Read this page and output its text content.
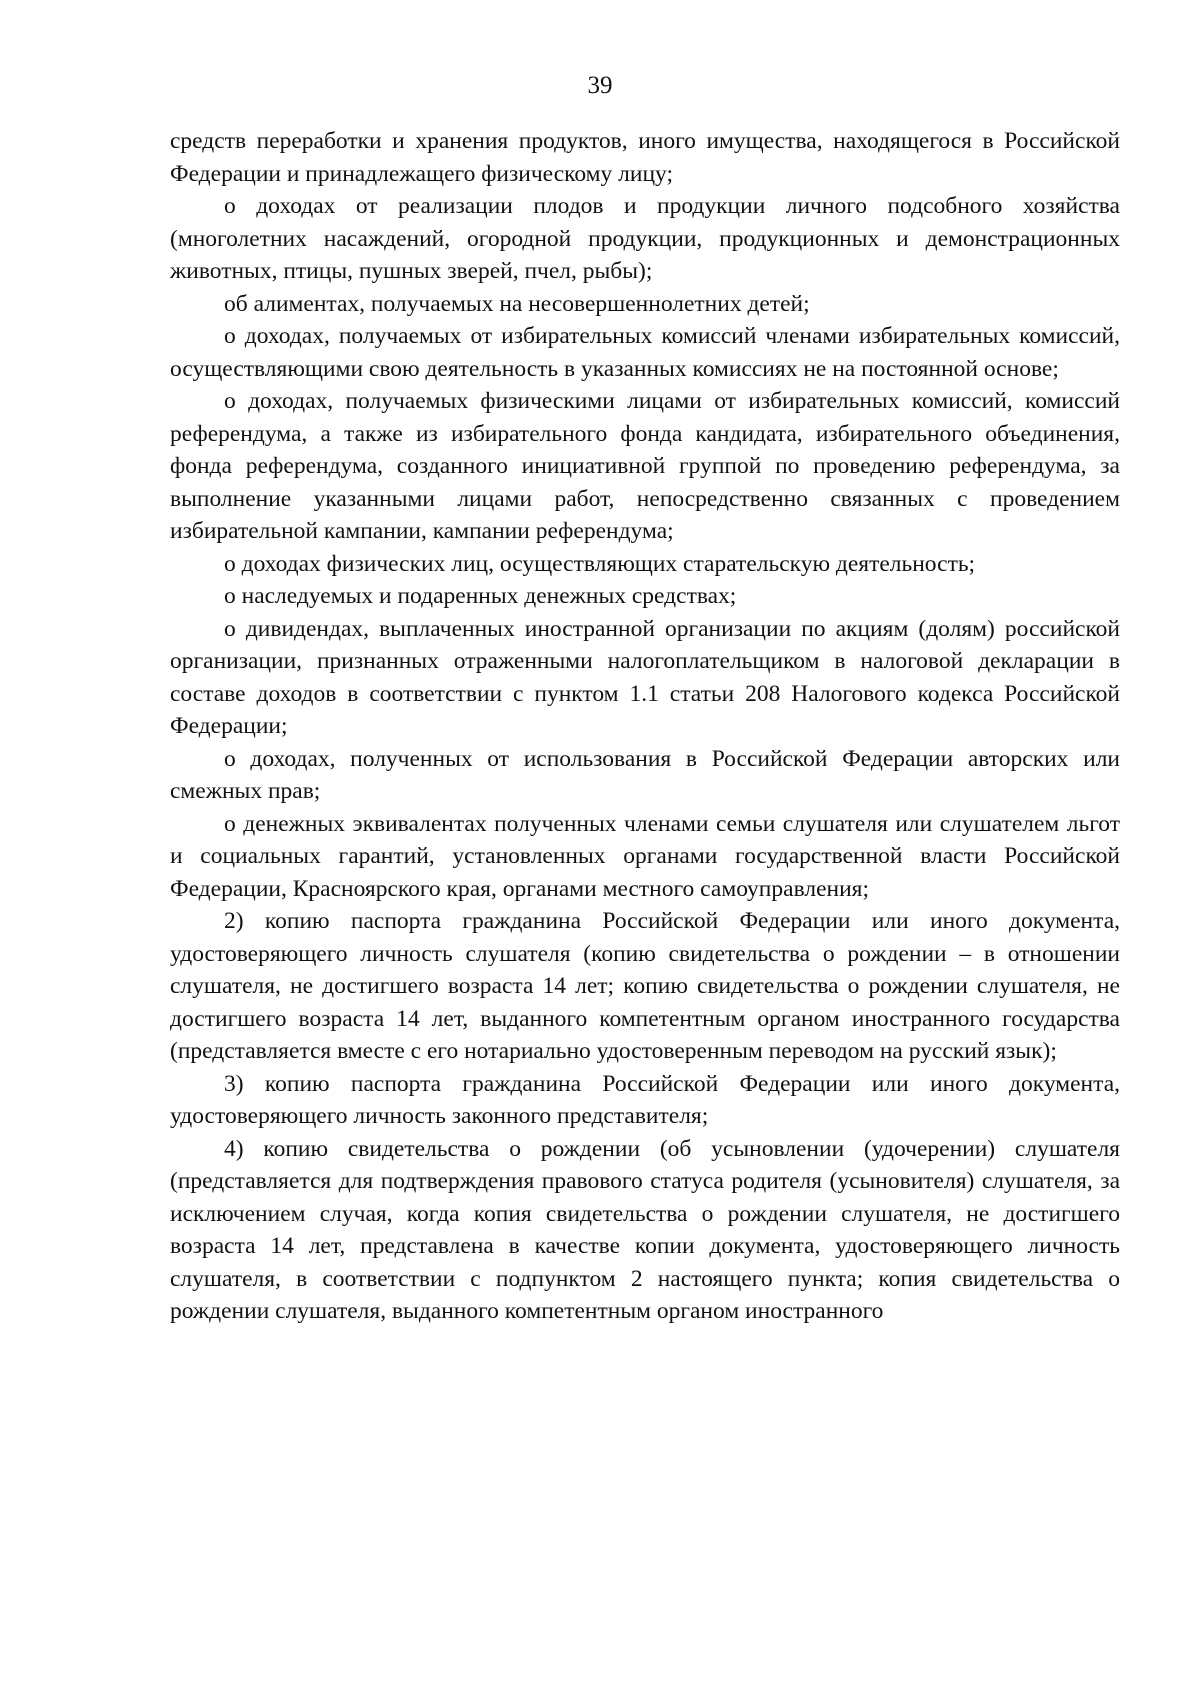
39

средств переработки и хранения продуктов, иного имущества, находящегося в Российской Федерации и принадлежащего физическому лицу;

о доходах от реализации плодов и продукции личного подсобного хозяйства (многолетних насаждений, огородной продукции, продукционных и демонстрационных животных, птицы, пушных зверей, пчел, рыбы);

об алиментах, получаемых на несовершеннолетних детей;

о доходах, получаемых от избирательных комиссий членами избирательных комиссий, осуществляющими свою деятельность в указанных комиссиях не на постоянной основе;

о доходах, получаемых физическими лицами от избирательных комиссий, комиссий референдума, а также из избирательного фонда кандидата, избирательного объединения, фонда референдума, созданного инициативной группой по проведению референдума, за выполнение указанными лицами работ, непосредственно связанных с проведением избирательной кампании, кампании референдума;

о доходах физических лиц, осуществляющих старательскую деятельность;

о наследуемых и подаренных денежных средствах;

о дивидендах, выплаченных иностранной организации по акциям (долям) российской организации, признанных отраженными налогоплательщиком в налоговой декларации в составе доходов в соответствии с пунктом 1.1 статьи 208 Налогового кодекса Российской Федерации;

о доходах, полученных от использования в Российской Федерации авторских или смежных прав;

о денежных эквивалентах полученных членами семьи слушателя или слушателем льгот и социальных гарантий, установленных органами государственной власти Российской Федерации, Красноярского края, органами местного самоуправления;

2) копию паспорта гражданина Российской Федерации или иного документа, удостоверяющего личность слушателя (копию свидетельства о рождении – в отношении слушателя, не достигшего возраста 14 лет; копию свидетельства о рождении слушателя, не достигшего возраста 14 лет, выданного компетентным органом иностранного государства (представляется вместе с его нотариально удостоверенным переводом на русский язык);

3) копию паспорта гражданина Российской Федерации или иного документа, удостоверяющего личность законного представителя;

4) копию свидетельства о рождении (об усыновлении (удочерении) слушателя (представляется для подтверждения правового статуса родителя (усыновителя) слушателя, за исключением случая, когда копия свидетельства о рождении слушателя, не достигшего возраста 14 лет, представлена в качестве копии документа, удостоверяющего личность слушателя, в соответствии с подпунктом 2 настоящего пункта; копия свидетельства о рождении слушателя, выданного компетентным органом иностранного
